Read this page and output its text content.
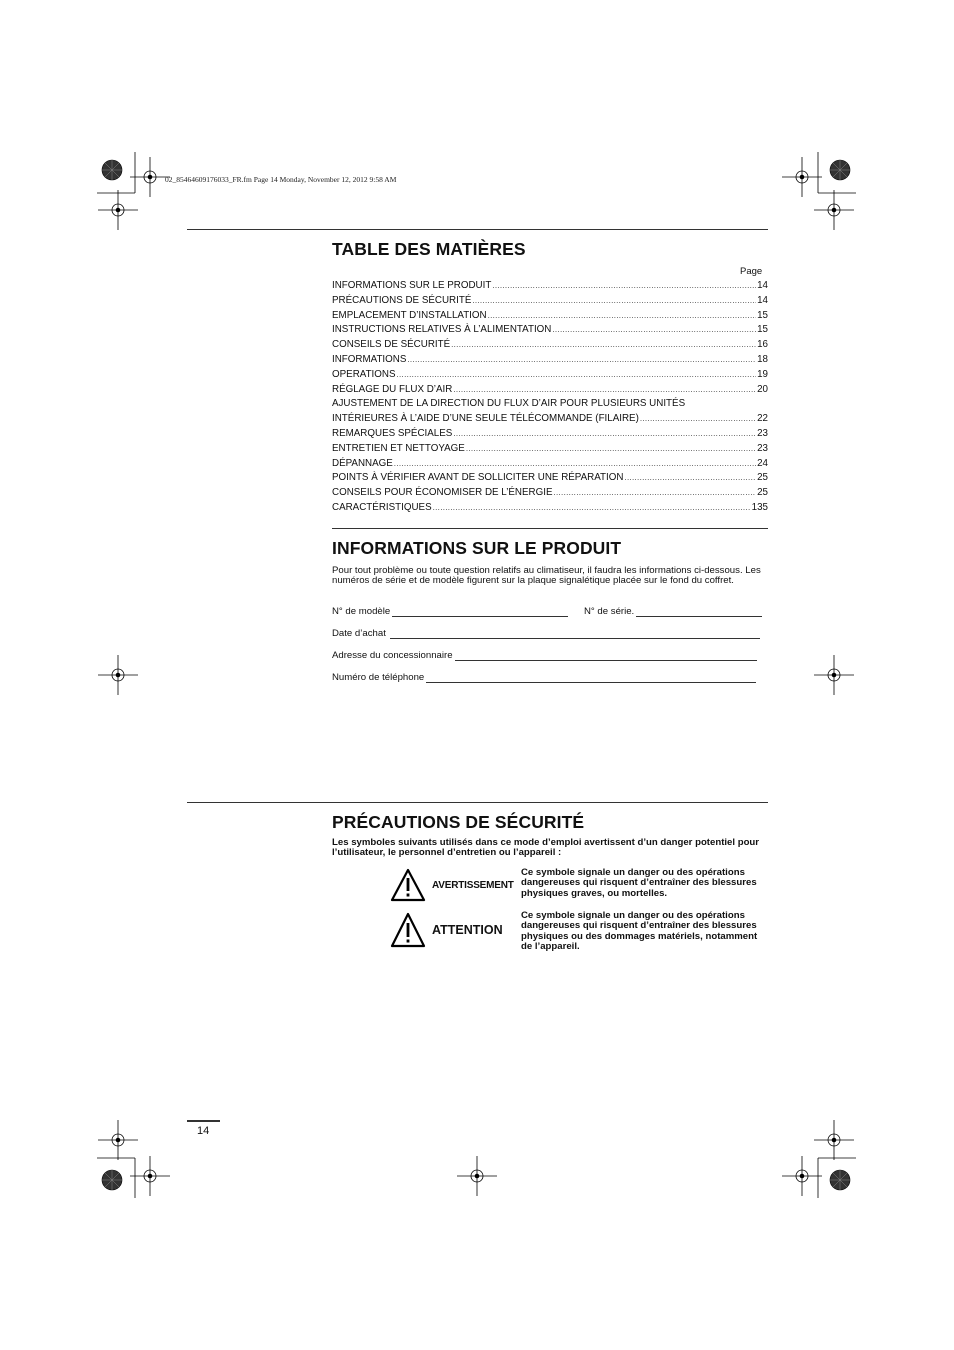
02_85464609176033_FR.fm Page 14 Monday, November 12, 2012 9:58 AM
TABLE DES MATIÈRES
Page
INFORMATIONS SUR LE PRODUIT .....	14
PRÉCAUTIONS DE SÉCURITÉ .....	14
EMPLACEMENT D’INSTALLATION .....	15
INSTRUCTIONS RELATIVES À L’ALIMENTATION .....	15
CONSEILS DE SÉCURITÉ .....	16
INFORMATIONS .....	18
OPERATIONS .....	19
RÉGLAGE DU FLUX D’AIR .....	20
AJUSTEMENT DE LA DIRECTION DU FLUX D’AIR POUR PLUSIEURS UNITÉS
INTÉRIEURES À L’AIDE D’UNE SEULE TÉLÉCOMMANDE (FILAIRE) .....	22
REMARQUES SPÉCIALES .....	23
ENTRETIEN ET NETTOYAGE .....	23
DÉPANNAGE .....	24
POINTS À VÉRIFIER AVANT DE SOLLICITER UNE RÉPARATION .....	25
CONSEILS POUR ÉCONOMISER DE L’ÉNERGIE .....	25
CARACTÉRISTIQUES .....	135
INFORMATIONS SUR LE PRODUIT
Pour tout problème ou toute question relatifs au climatiseur, il faudra les informations ci-dessous. Les numéros de série et de modèle figurent sur la plaque signalétique placée sur le fond du coffret.
N° de modèle	N° de série.
Date d’achat
Adresse du concessionnaire
Numéro de téléphone
PRÉCAUTIONS DE SÉCURITÉ
Les symboles suivants utilisés dans ce mode d’emploi avertissent d’un danger potentiel pour l’utilisateur, le personnel d’entretien ou l’appareil :
AVERTISSEMENT
Ce symbole signale un danger ou des opérations dangereuses qui risquent d’entraîner des blessures physiques graves, ou mortelles.
ATTENTION
Ce symbole signale un danger ou des opérations dangereuses qui risquent d’entraîner des blessures physiques ou des dommages matériels, notamment de l’appareil.
14
